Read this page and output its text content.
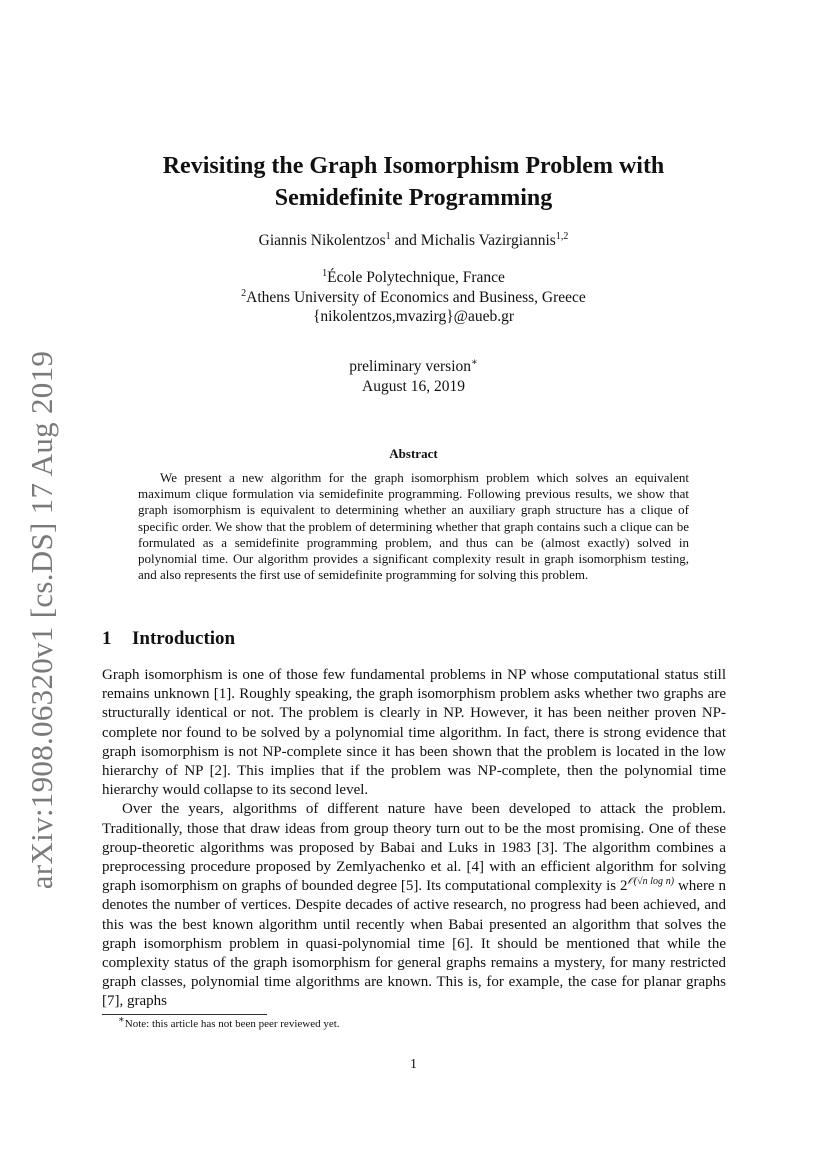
arXiv:1908.06320v1 [cs.DS] 17 Aug 2019
Revisiting the Graph Isomorphism Problem with Semidefinite Programming
Giannis Nikolentzos$^1$ and Michalis Vazirgiannis$^{1,2}$
$^1$École Polytechnique, France
$^2$Athens University of Economics and Business, Greece
{nikolentzos,mvazirg}@aueb.gr
preliminary version∗
August 16, 2019
Abstract

We present a new algorithm for the graph isomorphism problem which solves an equivalent maximum clique formulation via semidefinite programming. Following previous results, we show that graph isomorphism is equivalent to determining whether an auxiliary graph structure has a clique of specific order. We show that the problem of determining whether that graph contains such a clique can be formulated as a semidefinite programming problem, and thus can be (almost exactly) solved in polynomial time. Our algorithm provides a significant complexity result in graph isomorphism testing, and also represents the first use of semidefinite programming for solving this problem.

1 Introduction

Graph isomorphism is one of those few fundamental problems in NP whose computational status still remains unknown [1]. Roughly speaking, the graph isomorphism problem asks whether two graphs are structurally identical or not. The problem is clearly in NP. However, it has been neither proven NP-complete nor found to be solved by a polynomial time algorithm. In fact, there is strong evidence that graph isomorphism is not NP-complete since it has been shown that the problem is located in the low hierarchy of NP [2]. This implies that if the problem was NP-complete, then the polynomial time hierarchy would collapse to its second level.

Over the years, algorithms of different nature have been developed to attack the problem. Traditionally, those that draw ideas from group theory turn out to be the most promising. One of these group-theoretic algorithms was proposed by Babai and Luks in 1983 [3]. The algorithm combines a preprocessing procedure proposed by Zemlyachenko et al. [4] with an efficient algorithm for solving graph isomorphism on graphs of bounded degree [5]. Its computational complexity is $2^{𝒪(√n log n)}$ where n denotes the number of vertices. Despite decades of active research, no progress had been achieved, and this was the best known algorithm until recently when Babai presented an algorithm that solves the graph isomorphism problem in quasi-polynomial time [6]. It should be mentioned that while the complexity status of the graph isomorphism for general graphs remains a mystery, for many restricted graph classes, polynomial time algorithms are known. This is, for example, the case for planar graphs [7], graphs

∗Note: this article has not been peer reviewed yet.
1
